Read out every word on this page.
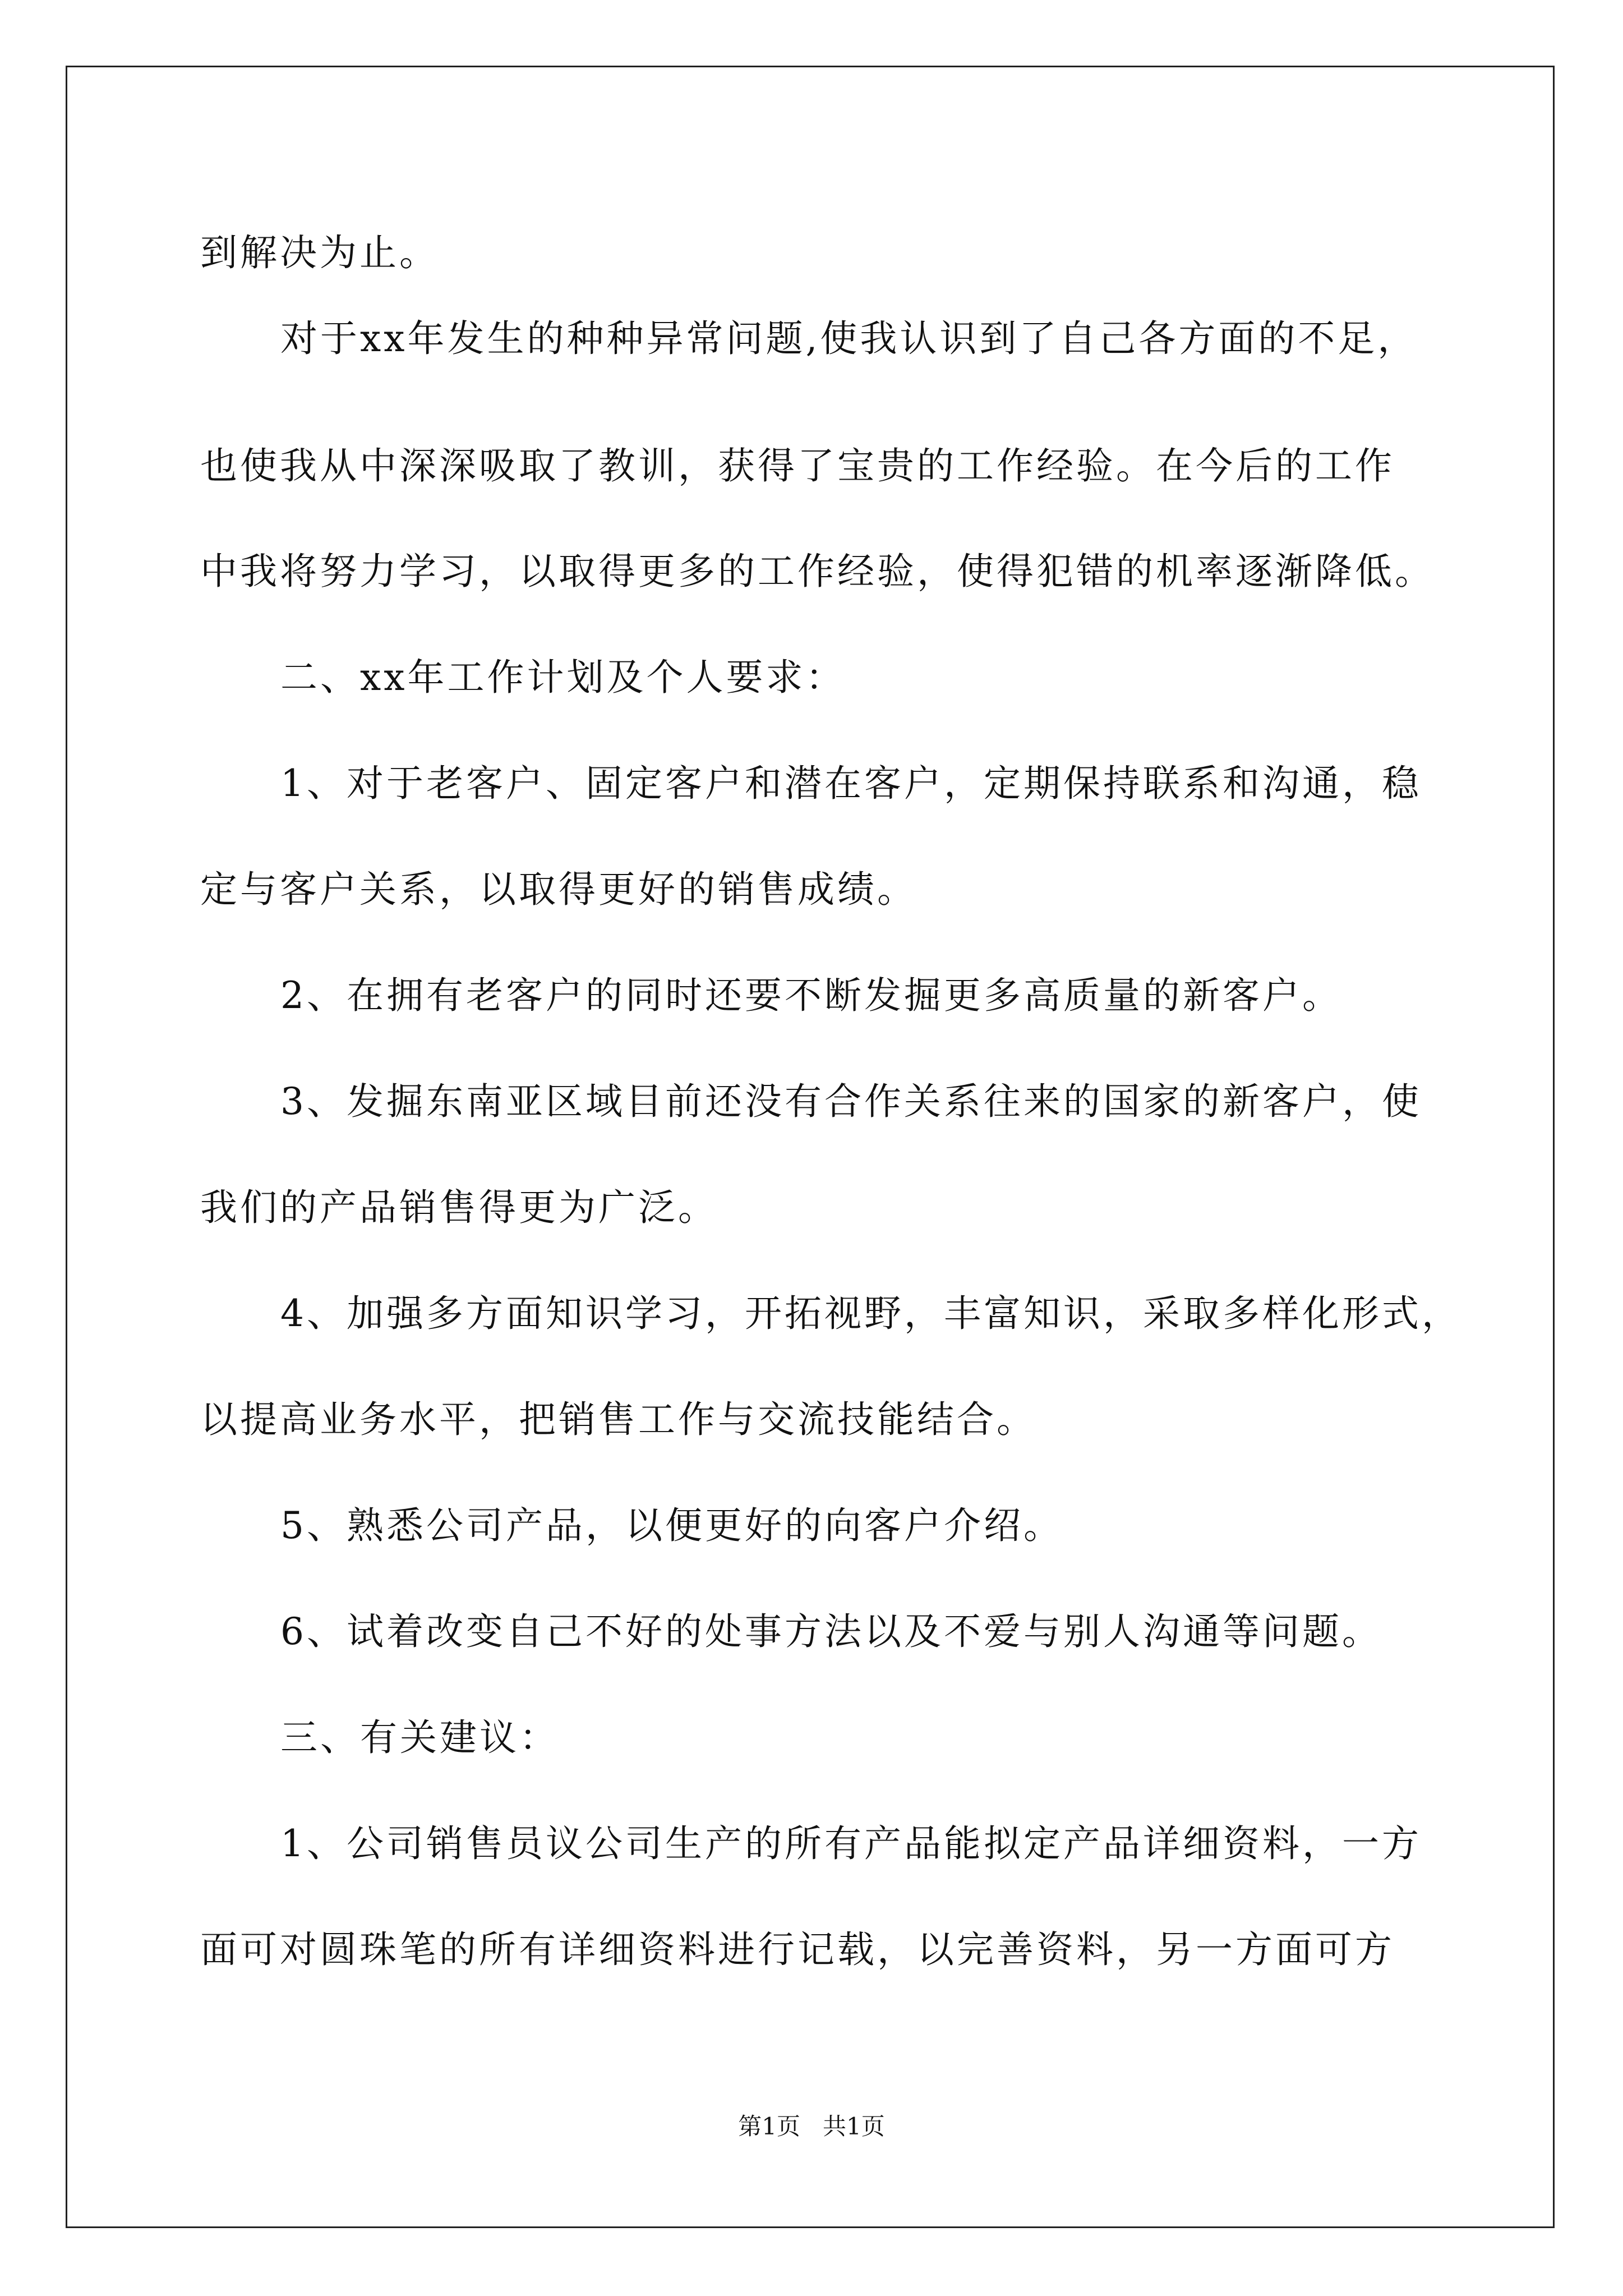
到解决为止。
对于xx年发生的种种异常问题,使我认识到了自己各方面的不足，
也使我从中深深吸取了教训，获得了宝贵的工作经验。在今后的工作
中我将努力学习，以取得更多的工作经验，使得犯错的机率逐渐降低。
二、xx年工作计划及个人要求：
1、对于老客户、固定客户和潜在客户，定期保持联系和沟通，稳
定与客户关系，以取得更好的销售成绩。
2、在拥有老客户的同时还要不断发掘更多高质量的新客户。
3、发掘东南亚区域目前还没有合作关系往来的国家的新客户，使
我们的产品销售得更为广泛。
4、加强多方面知识学习，开拓视野，丰富知识，采取多样化形式，
以提高业务水平，把销售工作与交流技能结合。
5、熟悉公司产品，以便更好的向客户介绍。
6、试着改变自己不好的处事方法以及不爱与别人沟通等问题。
三、有关建议：
1、公司销售员议公司生产的所有产品能拟定产品详细资料，一方
面可对圆珠笔的所有详细资料进行记载，以完善资料，另一方面可方
第1页   共1页
